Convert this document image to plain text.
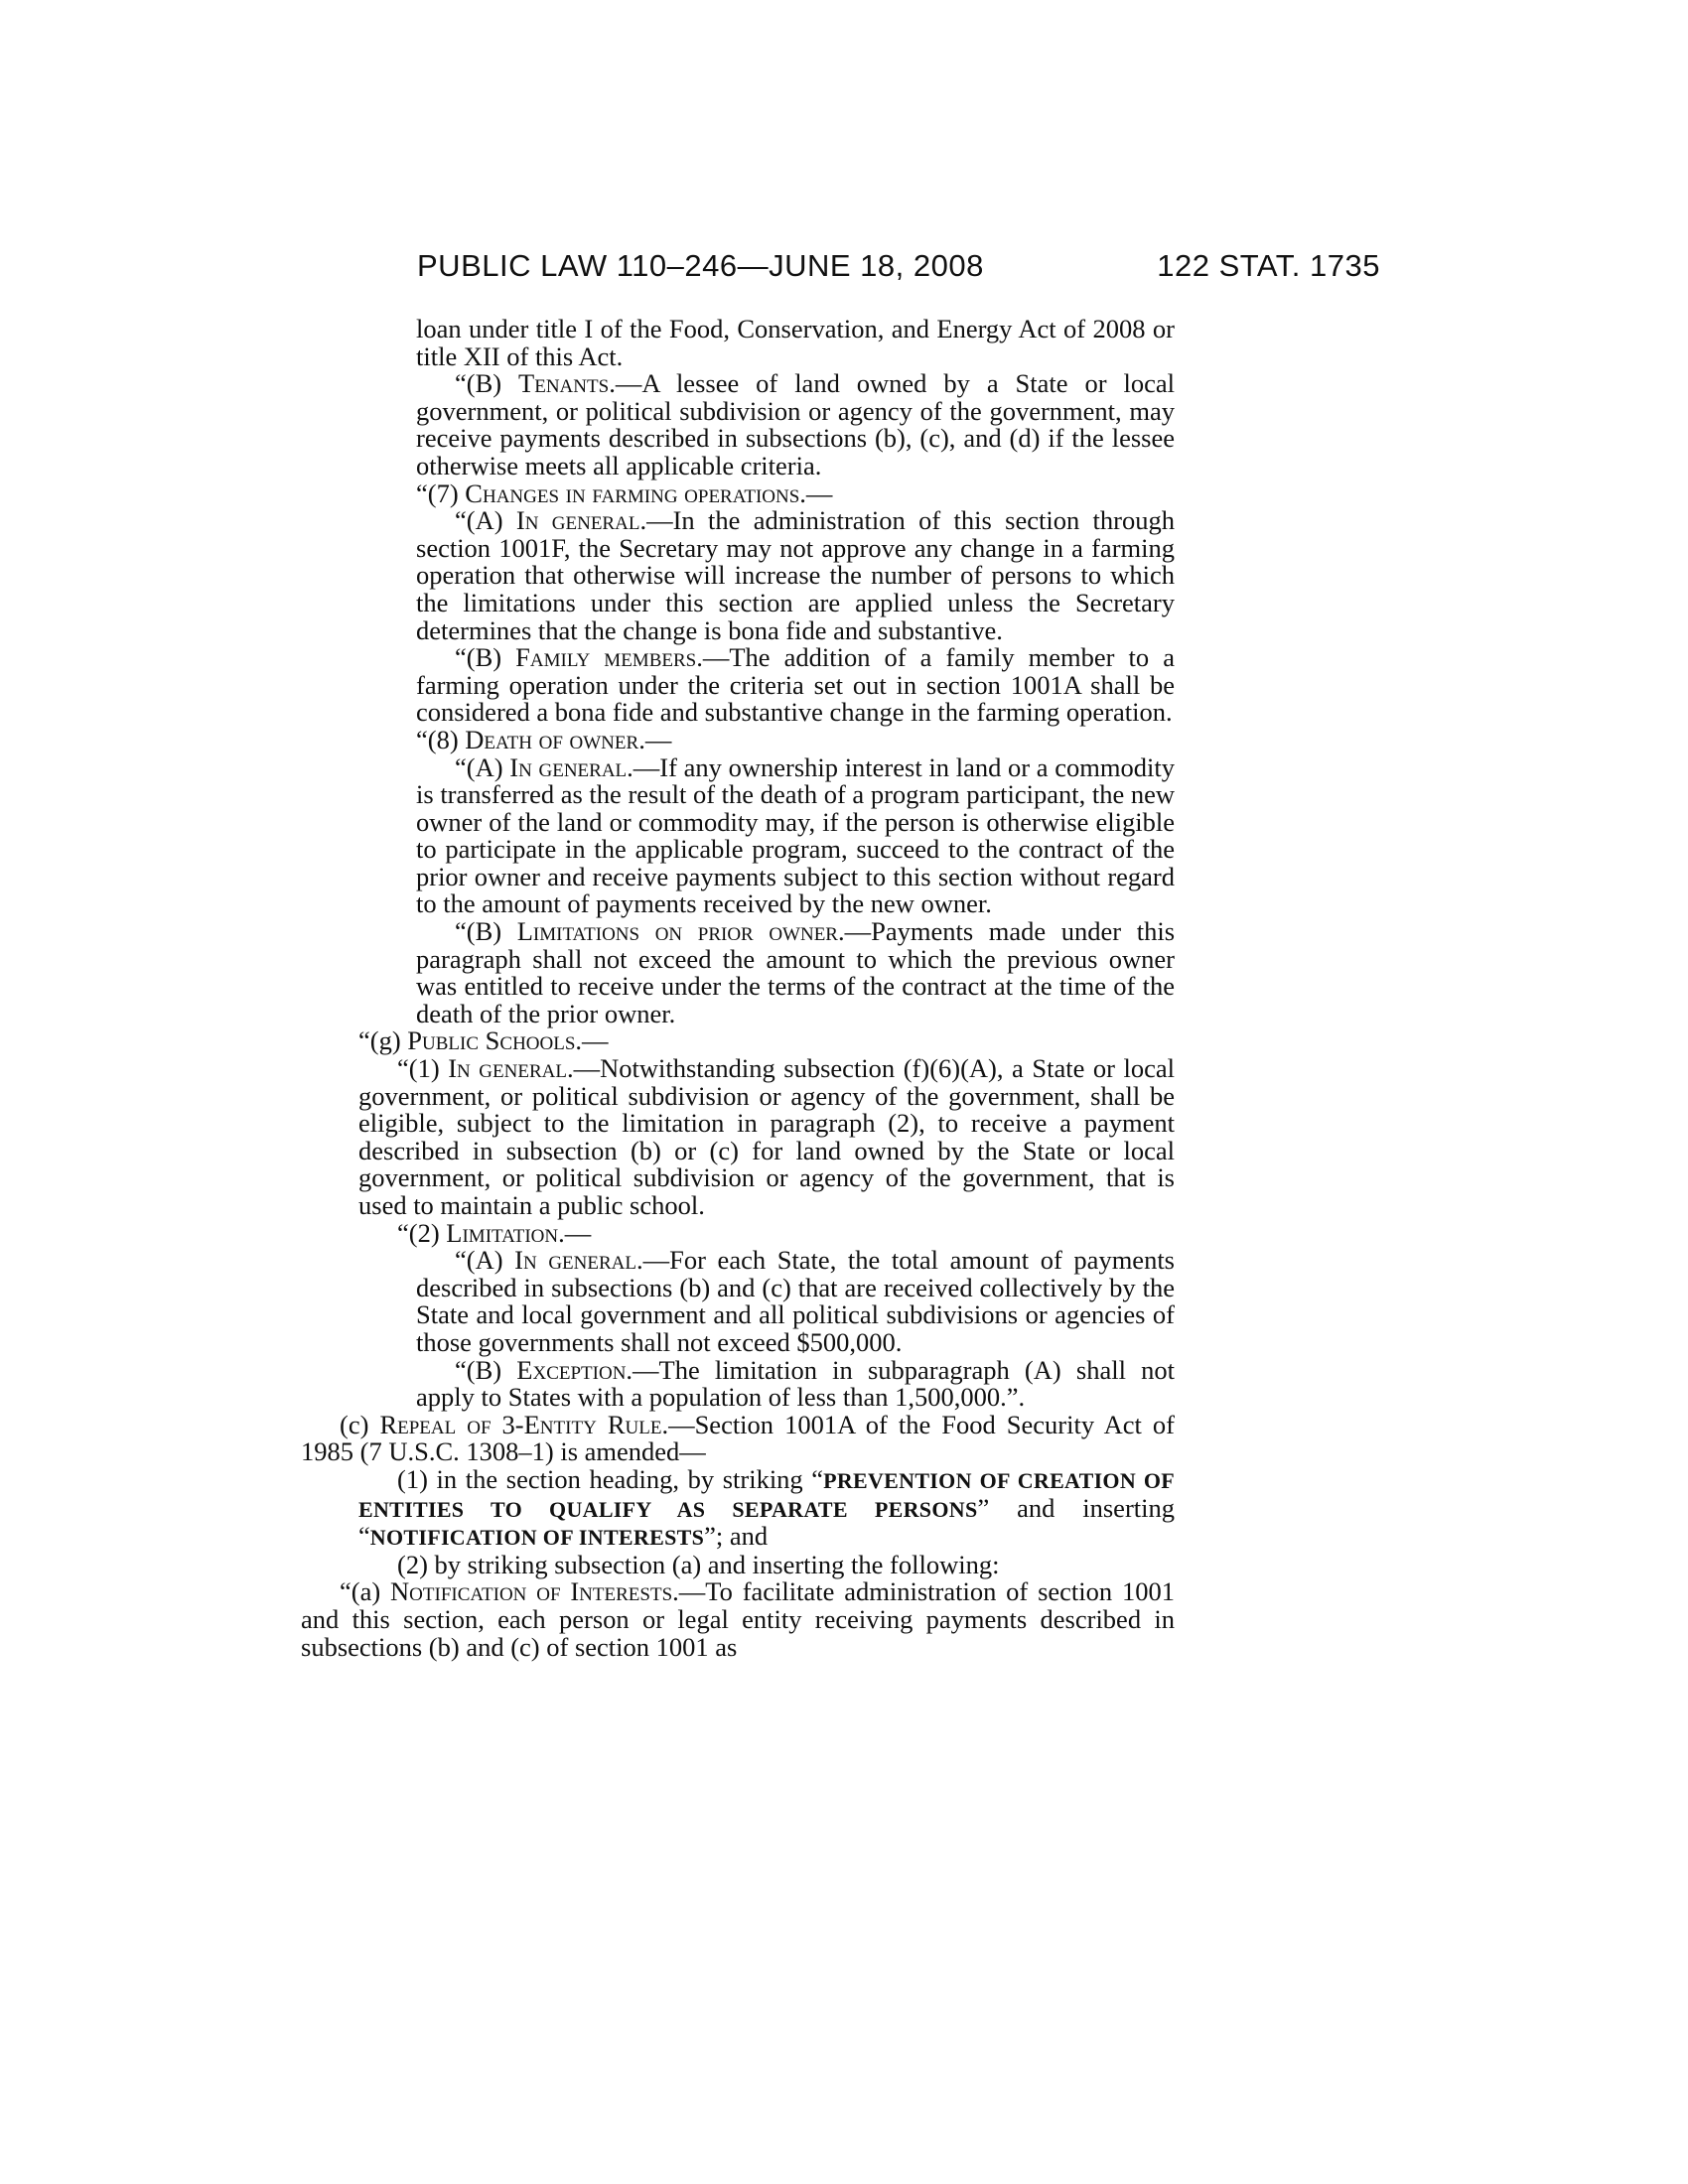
PUBLIC LAW 110–246—JUNE 18, 2008	122 STAT. 1735

loan under title I of the Food, Conservation, and Energy Act of 2008 or title XII of this Act.

“(B) Tenants.—A lessee of land owned by a State or local government, or political subdivision or agency of the government, may receive payments described in subsections (b), (c), and (d) if the lessee otherwise meets all applicable criteria.

“(7) Changes in farming operations.—

“(A) In general.—In the administration of this section through section 1001F, the Secretary may not approve any change in a farming operation that otherwise will increase the number of persons to which the limitations under this section are applied unless the Secretary determines that the change is bona fide and substantive.

“(B) Family members.—The addition of a family member to a farming operation under the criteria set out in section 1001A shall be considered a bona fide and substantive change in the farming operation.

“(8) Death of owner.—

“(A) In general.—If any ownership interest in land or a commodity is transferred as the result of the death of a program participant, the new owner of the land or commodity may, if the person is otherwise eligible to participate in the applicable program, succeed to the contract of the prior owner and receive payments subject to this section without regard to the amount of payments received by the new owner.

“(B) Limitations on prior owner.—Payments made under this paragraph shall not exceed the amount to which the previous owner was entitled to receive under the terms of the contract at the time of the death of the prior owner.

“(g) Public Schools.—

“(1) In general.—Notwithstanding subsection (f)(6)(A), a State or local government, or political subdivision or agency of the government, shall be eligible, subject to the limitation in paragraph (2), to receive a payment described in subsection (b) or (c) for land owned by the State or local government, or political subdivision or agency of the government, that is used to maintain a public school.

“(2) Limitation.—

“(A) In general.—For each State, the total amount of payments described in subsections (b) and (c) that are received collectively by the State and local government and all political subdivisions or agencies of those governments shall not exceed $500,000.

“(B) Exception.—The limitation in subparagraph (A) shall not apply to States with a population of less than 1,500,000.”.

(c) Repeal of 3-Entity Rule.—Section 1001A of the Food Security Act of 1985 (7 U.S.C. 1308–1) is amended—

(1) in the section heading, by striking “PREVENTION OF CREATION OF ENTITIES TO QUALIFY AS SEPARATE PERSONS” and inserting “NOTIFICATION OF INTERESTS”; and

(2) by striking subsection (a) and inserting the following:

“(a) Notification of Interests.—To facilitate administration of section 1001 and this section, each person or legal entity receiving payments described in subsections (b) and (c) of section 1001 as
